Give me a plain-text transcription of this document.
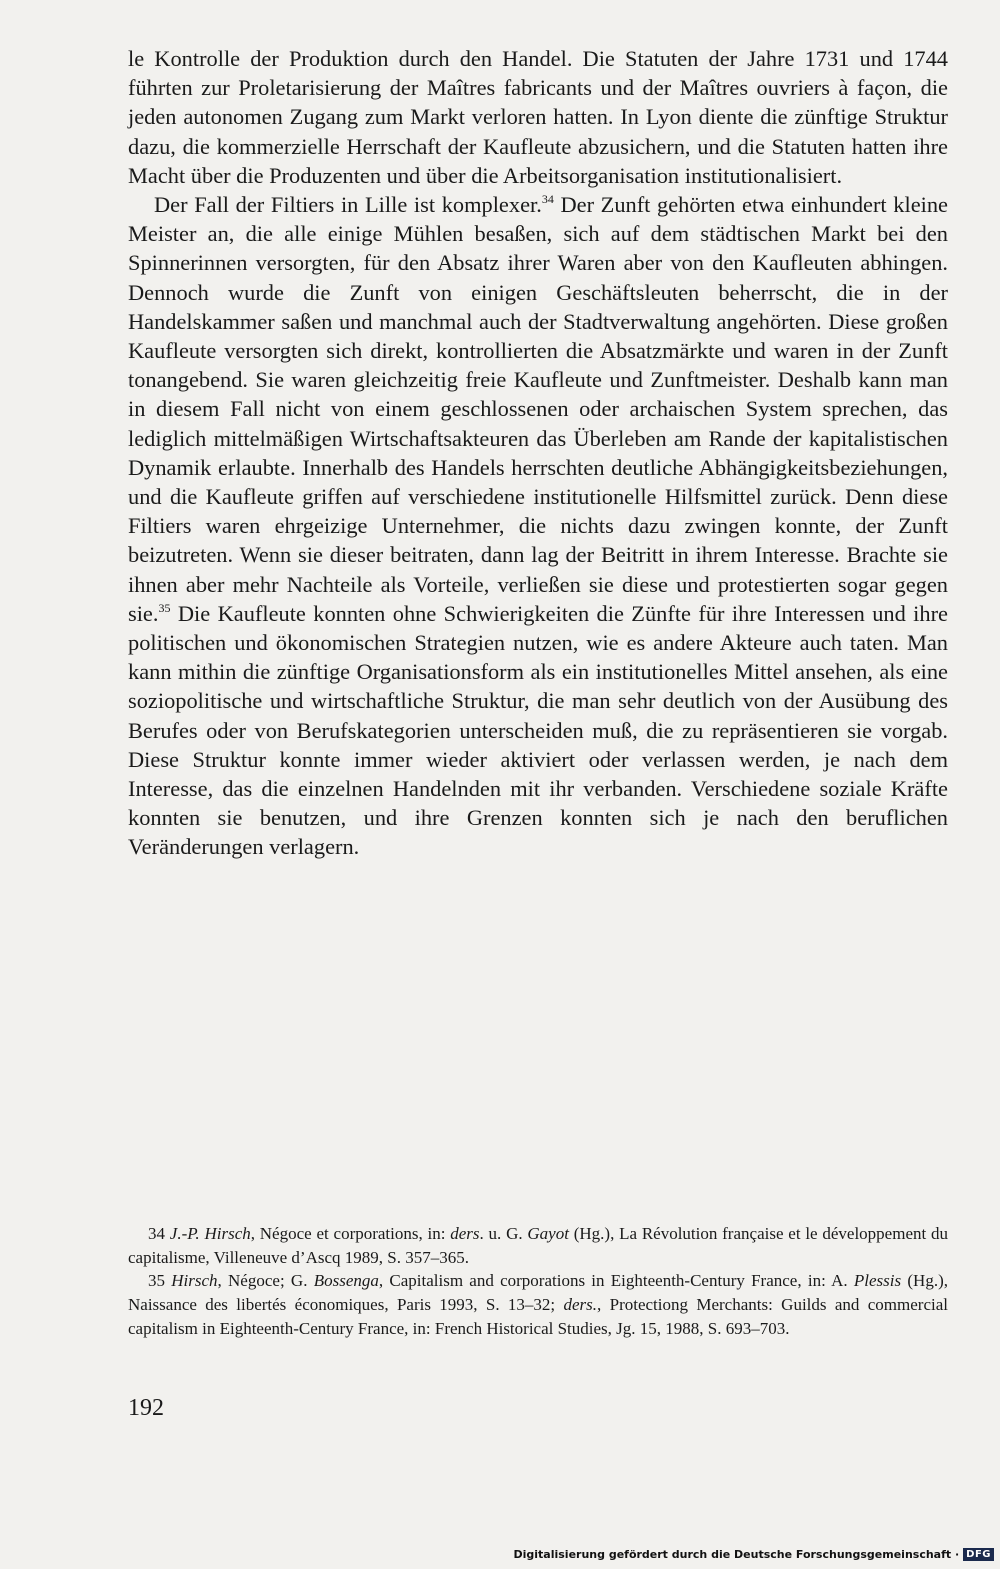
le Kontrolle der Produktion durch den Handel. Die Statuten der Jahre 1731 und 1744 führten zur Proletarisierung der Maîtres fabricants und der Maîtres ouvriers à façon, die jeden autonomen Zugang zum Markt verloren hatten. In Lyon diente die zünftige Struktur dazu, die kommerzielle Herrschaft der Kaufleute abzusichern, und die Statuten hatten ihre Macht über die Produzenten und über die Arbeitsorganisation institutionalisiert.

Der Fall der Filtiers in Lille ist komplexer.$^{34}$ Der Zunft gehörten etwa einhundert kleine Meister an, die alle einige Mühlen besaßen, sich auf dem städtischen Markt bei den Spinnerinnen versorgten, für den Absatz ihrer Waren aber von den Kaufleuten abhingen. Dennoch wurde die Zunft von einigen Geschäftsleuten beherrscht, die in der Handelskammer saßen und manchmal auch der Stadtverwaltung angehörten. Diese großen Kaufleute versorgten sich direkt, kontrollierten die Absatzmärkte und waren in der Zunft tonangebend. Sie waren gleichzeitig freie Kaufleute und Zunftmeister. Deshalb kann man in diesem Fall nicht von einem geschlossenen oder archaischen System sprechen, das lediglich mittelmäßigen Wirtschaftsakteuren das Überleben am Rande der kapitalistischen Dynamik erlaubte. Innerhalb des Handels herrschten deutliche Abhängigkeitsbeziehungen, und die Kaufleute griffen auf verschiedene institutionelle Hilfsmittel zurück. Denn diese Filtiers waren ehrgeizige Unternehmer, die nichts dazu zwingen konnte, der Zunft beizutreten. Wenn sie dieser beitraten, dann lag der Beitritt in ihrem Interesse. Brachte sie ihnen aber mehr Nachteile als Vorteile, verließen sie diese und protestierten sogar gegen sie.$^{35}$ Die Kaufleute konnten ohne Schwierigkeiten die Zünfte für ihre Interessen und ihre politischen und ökonomischen Strategien nutzen, wie es andere Akteure auch taten. Man kann mithin die zünftige Organisationsform als ein institutionelles Mittel ansehen, als eine soziopolitische und wirtschaftliche Struktur, die man sehr deutlich von der Ausübung des Berufes oder von Berufskategorien unterscheiden muß, die zu repräsentieren sie vorgab. Diese Struktur konnte immer wieder aktiviert oder verlassen werden, je nach dem Interesse, das die einzelnen Handelnden mit ihr verbanden. Verschiedene soziale Kräfte konnten sie benutzen, und ihre Grenzen konnten sich je nach den beruflichen Veränderungen verlagern.

34 J.-P. Hirsch, Négoce et corporations, in: ders. u. G. Gayot (Hg.), La Révolution française et le développement du capitalisme, Villeneuve d’Ascq 1989, S. 357–365.

35 Hirsch, Négoce; G. Bossenga, Capitalism and corporations in Eighteenth-Century France, in: A. Plessis (Hg.), Naissance des libertés économiques, Paris 1993, S. 13–32; ders., Protectiong Merchants: Guilds and commercial capitalism in Eighteenth-Century France, in: French Historical Studies, Jg. 15, 1988, S. 693–703.

192
Digitalisierung gefördert durch die Deutsche Forschungsgemeinschaft · DFG
